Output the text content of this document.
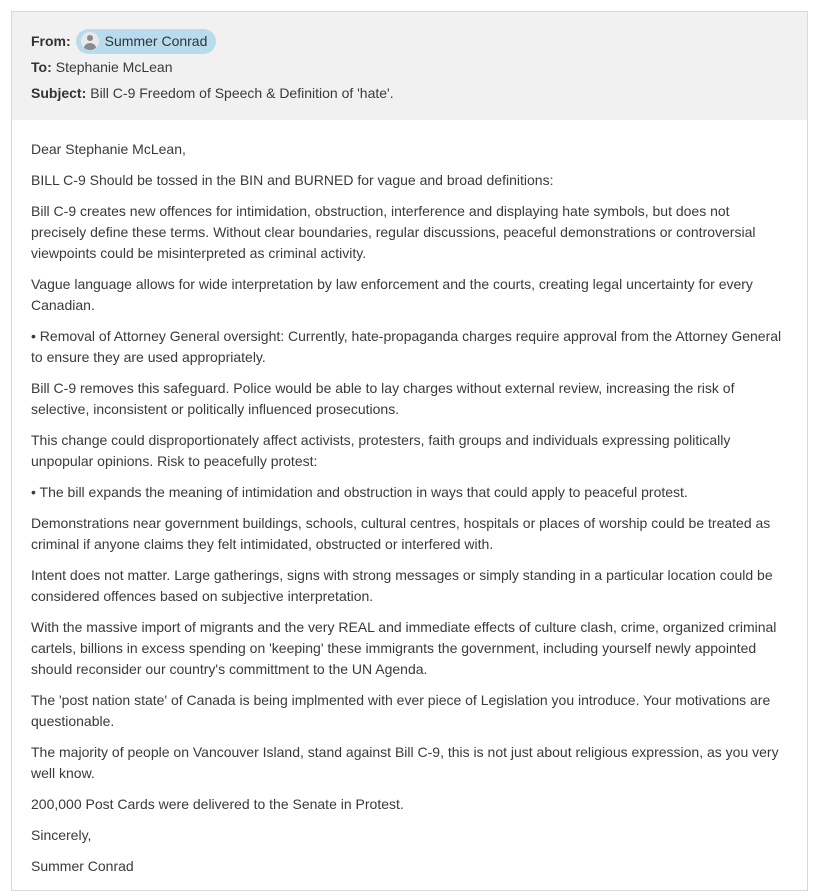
From: Summer Conrad
To: Stephanie McLean
Subject: Bill C-9 Freedom of Speech & Definition of 'hate'.

Dear Stephanie McLean,

BILL C-9 Should be tossed in the BIN and BURNED for vague and broad definitions:

Bill C-9 creates new offences for intimidation, obstruction, interference and displaying hate symbols, but does not precisely define these terms. Without clear boundaries, regular discussions, peaceful demonstrations or controversial viewpoints could be misinterpreted as criminal activity.

Vague language allows for wide interpretation by law enforcement and the courts, creating legal uncertainty for every Canadian.

• Removal of Attorney General oversight: Currently, hate-propaganda charges require approval from the Attorney General to ensure they are used appropriately.

Bill C-9 removes this safeguard. Police would be able to lay charges without external review, increasing the risk of selective, inconsistent or politically influenced prosecutions.

This change could disproportionately affect activists, protesters, faith groups and individuals expressing politically unpopular opinions. Risk to peacefully protest:

• The bill expands the meaning of intimidation and obstruction in ways that could apply to peaceful protest.

Demonstrations near government buildings, schools, cultural centres, hospitals or places of worship could be treated as criminal if anyone claims they felt intimidated, obstructed or interfered with.

Intent does not matter. Large gatherings, signs with strong messages or simply standing in a particular location could be considered offences based on subjective interpretation.

With the massive import of migrants and the very REAL and immediate effects of culture clash, crime, organized criminal cartels, billions in excess spending on 'keeping' these immigrants the government, including yourself newly appointed should reconsider our country's committment to the UN Agenda.

The 'post nation state' of Canada is being implmented with ever piece of Legislation you introduce. Your motivations are questionable.

The majority of people on Vancouver Island, stand against Bill C-9, this is not just about religious expression, as you very well know.

200,000 Post Cards were delivered to the Senate in Protest.

Sincerely,

Summer Conrad
